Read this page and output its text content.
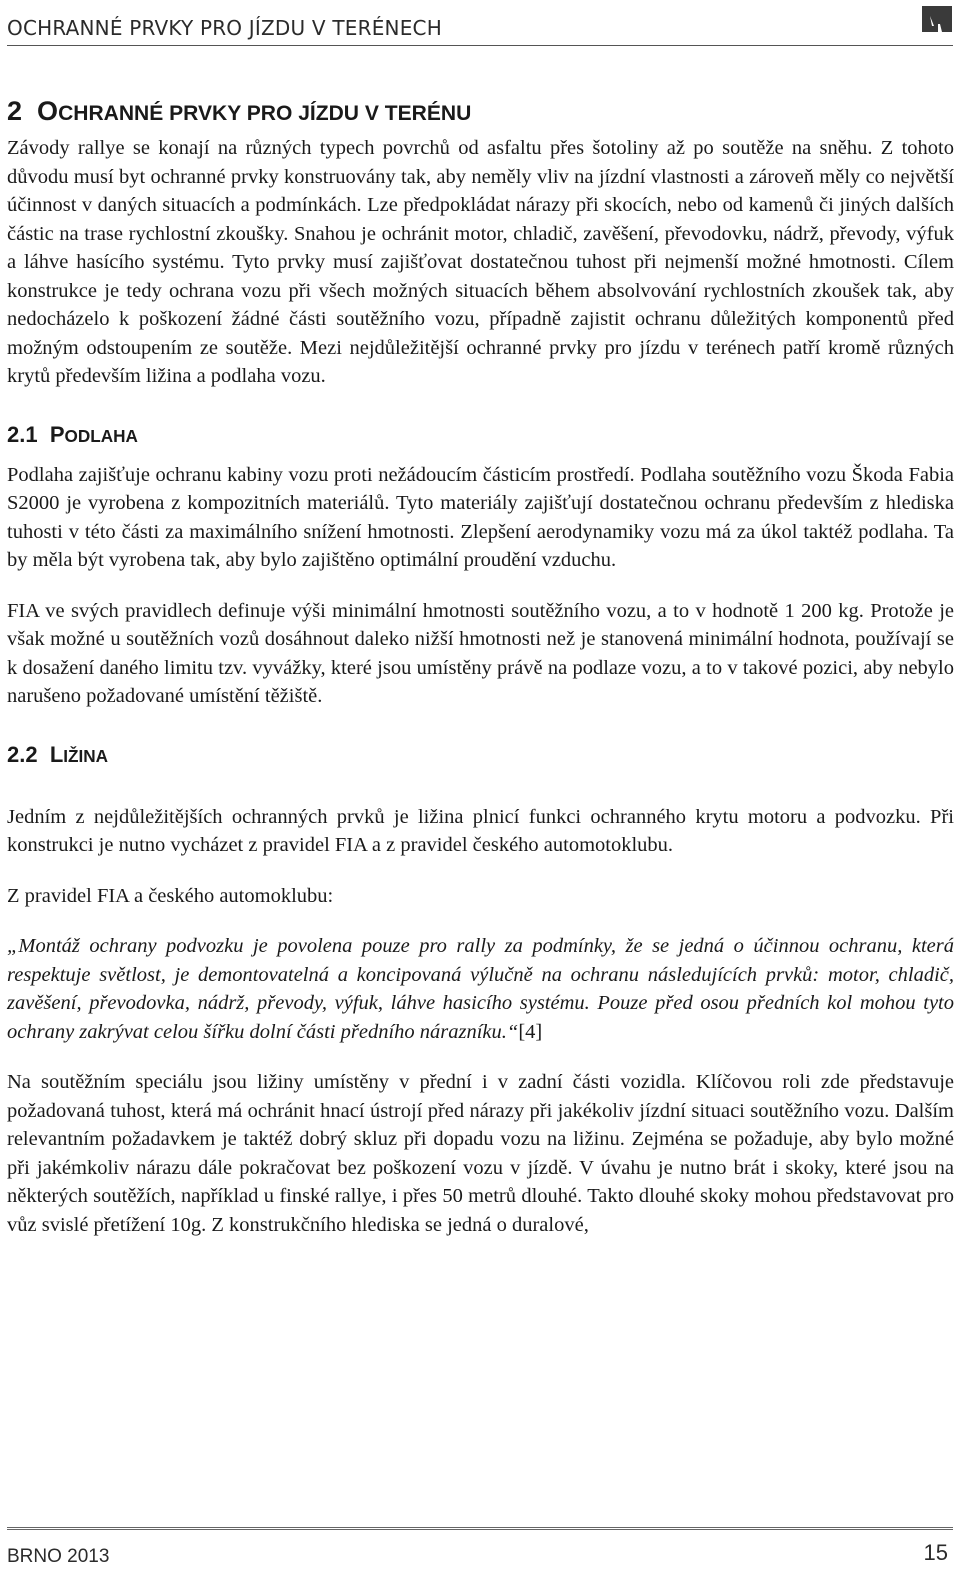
OCHRANNÉ PRVKY PRO JÍZDU V TERÉNECH
2 OCHRANNÉ PRVKY PRO JÍZDU V TERÉNU

Závody rallye se konají na různých typech povrchů od asfaltu přes šotoliny až po soutěže na sněhu. Z tohoto důvodu musí byt ochranné prvky konstruovány tak, aby neměly vliv na jízdní vlastnosti a zároveň měly co největší účinnost v daných situacích a podmínkách. Lze předpokládat nárazy při skocích, nebo od kamenů či jiných dalších částic na trase rychlostní zkoušky. Snahou je ochránit motor, chladič, zavěšení, převodovku, nádrž, převody, výfuk a láhve hasícího systému. Tyto prvky musí zajišťovat dostatečnou tuhost při nejmenší možné hmotnosti. Cílem konstrukce je tedy ochrana vozu při všech možných situacích během absolvování rychlostních zkoušek tak, aby nedocházelo k poškození žádné části soutěžního vozu, případně zajistit ochranu důležitých komponentů před možným odstoupením ze soutěže. Mezi nejdůležitější ochranné prvky pro jízdu v terénech patří kromě různých krytů především ližina a podlaha vozu.

2.1 PODLAHA

Podlaha zajišťuje ochranu kabiny vozu proti nežádoucím částicím prostředí. Podlaha soutěžního vozu Škoda Fabia S2000 je vyrobena z kompozitních materiálů. Tyto materiály zajišťují dostatečnou ochranu především z hlediska tuhosti v této části za maximálního snížení hmotnosti. Zlepšení aerodynamiky vozu má za úkol taktéž podlaha. Ta by měla být vyrobena tak, aby bylo zajištěno optimální proudění vzduchu.

FIA ve svých pravidlech definuje výši minimální hmotnosti soutěžního vozu, a to v hodnotě 1 200 kg. Protože je však možné u soutěžních vozů dosáhnout daleko nižší hmotnosti než je stanovená minimální hodnota, používají se k dosažení daného limitu tzv. vyvážky, které jsou umístěny právě na podlaze vozu, a to v takové pozici, aby nebylo narušeno požadované umístění těžiště.

2.2 LIŽINA

Jedním z nejdůležitějších ochranných prvků je ližina plnicí funkci ochranného krytu motoru a podvozku. Při konstrukci je nutno vycházet z pravidel FIA a z pravidel českého automotoklubu.

Z pravidel FIA a českého automoklubu:

„Montáž ochrany podvozku je povolena pouze pro rally za podmínky, že se jedná o účinnou ochranu, která respektuje světlost, je demontovatelná a koncipovaná výlučně na ochranu následujících prvků: motor, chladič, zavěšení, převodovka, nádrž, převody, výfuk, láhve hasicího systému. Pouze před osou předních kol mohou tyto ochrany zakrývat celou šířku dolní části předního nárazníku.“[4]

Na soutěžním speciálu jsou ližiny umístěny v přední i v zadní části vozidla. Klíčovou roli zde představuje požadovaná tuhost, která má ochránit hnací ústrojí před nárazy při jakékoliv jízdní situaci soutěžního vozu. Dalším relevantním požadavkem je taktéž dobrý skluz při dopadu vozu na ližinu. Zejména se požaduje, aby bylo možné při jakémkoliv nárazu dále pokračovat bez poškození vozu v jízdě. V úvahu je nutno brát i skoky, které jsou na některých soutěžích, například u finské rallye, i přes 50 metrů dlouhé. Takto dlouhé skoky mohou představovat pro vůz svislé přetížení 10g. Z konstrukčního hlediska se jedná o duralové,

BRNO 2013	15
